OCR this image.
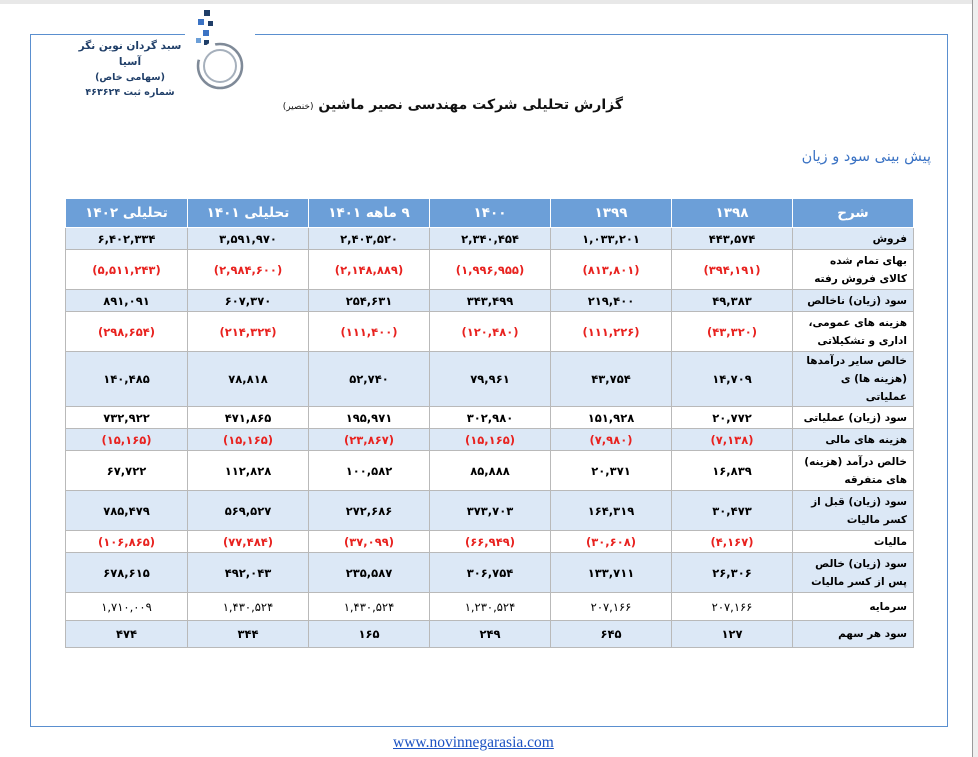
سبد گردان نوین نگر آسیا
(سهامی خاص)
شماره ثبت ۴۶۳۶۲۴
گزارش تحلیلی شرکت مهندسی نصیر ماشین (خنصیر)
پیش بینی سود و زیان
شرح	۱۳۹۸	۱۳۹۹	۱۴۰۰	۹ ماهه ۱۴۰۱	تحلیلی ۱۴۰۱	تحلیلی ۱۴۰۲
فروش	۴۴۳,۵۷۴	۱,۰۳۳,۲۰۱	۲,۳۴۰,۴۵۴	۲,۴۰۳,۵۲۰	۳,۵۹۱,۹۷۰	۶,۴۰۲,۳۳۴
بهای تمام شده کالای فروش رفته	(۳۹۴,۱۹۱)	(۸۱۳,۸۰۱)	(۱,۹۹۶,۹۵۵)	(۲,۱۴۸,۸۸۹)	(۲,۹۸۴,۶۰۰)	(۵,۵۱۱,۲۴۳)
سود (زیان) ناخالص	۴۹,۳۸۳	۲۱۹,۴۰۰	۳۴۳,۴۹۹	۲۵۴,۶۳۱	۶۰۷,۳۷۰	۸۹۱,۰۹۱
هزینه های عمومی، اداری و تشکیلاتی	(۴۳,۳۲۰)	(۱۱۱,۲۲۶)	(۱۲۰,۴۸۰)	(۱۱۱,۴۰۰)	(۲۱۴,۳۲۴)	(۲۹۸,۶۵۴)
خالص سایر درآمدها (هزینه ها) ی عملیاتی	۱۴,۷۰۹	۴۳,۷۵۴	۷۹,۹۶۱	۵۲,۷۴۰	۷۸,۸۱۸	۱۴۰,۴۸۵
سود (زیان) عملیاتی	۲۰,۷۷۲	۱۵۱,۹۲۸	۳۰۲,۹۸۰	۱۹۵,۹۷۱	۴۷۱,۸۶۵	۷۳۲,۹۲۲
هزینه های مالی	(۷,۱۳۸)	(۷,۹۸۰)	(۱۵,۱۶۵)	(۲۳,۸۶۷)	(۱۵,۱۶۵)	(۱۵,۱۶۵)
خالص درآمد (هزینه) های متفرقه	۱۶,۸۳۹	۲۰,۳۷۱	۸۵,۸۸۸	۱۰۰,۵۸۲	۱۱۲,۸۲۸	۶۷,۷۲۲
سود (زیان) قبل از کسر مالیات	۳۰,۴۷۳	۱۶۴,۳۱۹	۳۷۳,۷۰۳	۲۷۲,۶۸۶	۵۶۹,۵۲۷	۷۸۵,۴۷۹
مالیات	(۴,۱۶۷)	(۳۰,۶۰۸)	(۶۶,۹۴۹)	(۳۷,۰۹۹)	(۷۷,۴۸۴)	(۱۰۶,۸۶۵)
سود (زیان) خالص پس از کسر مالیات	۲۶,۳۰۶	۱۳۳,۷۱۱	۳۰۶,۷۵۴	۲۳۵,۵۸۷	۴۹۲,۰۴۳	۶۷۸,۶۱۵
سرمایه	۲۰۷,۱۶۶	۲۰۷,۱۶۶	۱,۲۳۰,۵۲۴	۱,۴۳۰,۵۲۴	۱,۴۳۰,۵۲۴	۱,۷۱۰,۰۰۹
سود هر سهم	۱۲۷	۶۴۵	۲۴۹	۱۶۵	۳۴۴	۴۷۴
www.novinnegarasia.com
